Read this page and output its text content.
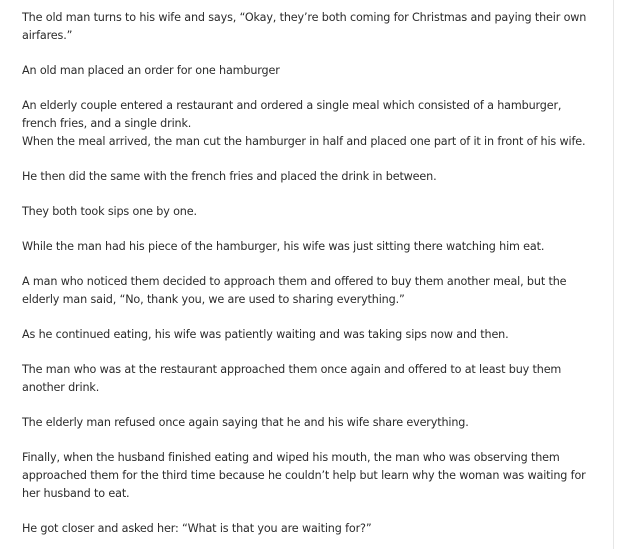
The old man turns to his wife and says, “Okay, they’re both coming for Christmas and paying their own
airfares.”

An old man placed an order for one hamburger

An elderly couple entered a restaurant and ordered a single meal which consisted of a hamburger,
french fries, and a single drink.
When the meal arrived, the man cut the hamburger in half and placed one part of it in front of his wife.

He then did the same with the french fries and placed the drink in between.

They both took sips one by one.

While the man had his piece of the hamburger, his wife was just sitting there watching him eat.

A man who noticed them decided to approach them and offered to buy them another meal, but the
elderly man said, “No, thank you, we are used to sharing everything.”

As he continued eating, his wife was patiently waiting and was taking sips now and then.

The man who was at the restaurant approached them once again and offered to at least buy them
another drink.

The elderly man refused once again saying that he and his wife share everything.

Finally, when the husband finished eating and wiped his mouth, the man who was observing them
approached them for the third time because he couldn’t help but learn why the woman was waiting for
her husband to eat.

He got closer and asked her: “What is that you are waiting for?”
